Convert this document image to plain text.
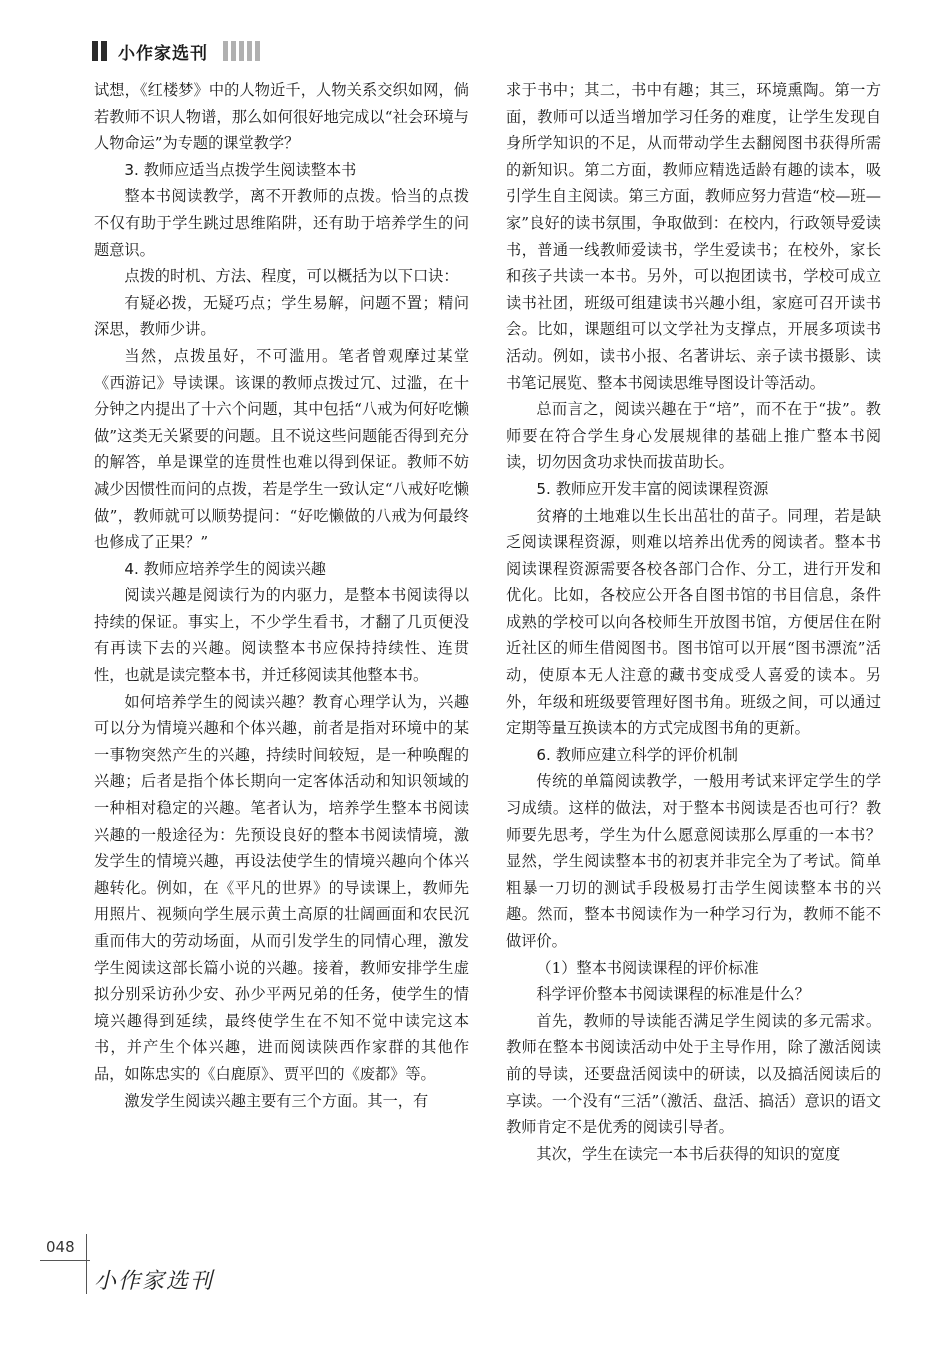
小作家选刊

试想，《红楼梦》中的人物近千，人物关系交织如网，倘若教师不识人物谱，那么如何很好地完成以“社会环境与人物命运”为专题的课堂教学？

3. 教师应适当点拨学生阅读整本书

整本书阅读教学，离不开教师的点拨。恰当的点拨不仅有助于学生跳过思维陷阱，还有助于培养学生的问题意识。

点拨的时机、方法、程度，可以概括为以下口诀：

有疑必拨，无疑巧点；学生易解，问题不置；精问深思，教师少讲。

当然，点拨虽好，不可滥用。笔者曾观摩过某堂《西游记》导读课。该课的教师点拨过冗、过滥，在十分钟之内提出了十六个问题，其中包括“八戒为何好吃懒做”这类无关紧要的问题。且不说这些问题能否得到充分的解答，单是课堂的连贯性也难以得到保证。教师不妨减少因惯性而问的点拨，若是学生一致认定“八戒好吃懒做”，教师就可以顺势提问：“好吃懒做的八戒为何最终也修成了正果？”

4. 教师应培养学生的阅读兴趣

阅读兴趣是阅读行为的内驱力，是整本书阅读得以持续的保证。事实上，不少学生看书，才翻了几页便没有再读下去的兴趣。阅读整本书应保持持续性、连贯性，也就是读完整本书，并迁移阅读其他整本书。

如何培养学生的阅读兴趣？教育心理学认为，兴趣可以分为情境兴趣和个体兴趣，前者是指对环境中的某一事物突然产生的兴趣，持续时间较短，是一种唤醒的兴趣；后者是指个体长期向一定客体活动和知识领域的一种相对稳定的兴趣。笔者认为，培养学生整本书阅读兴趣的一般途径为：先预设良好的整本书阅读情境，激发学生的情境兴趣，再设法使学生的情境兴趣向个体兴趣转化。例如，在《平凡的世界》的导读课上，教师先用照片、视频向学生展示黄土高原的壮阔画面和农民沉重而伟大的劳动场面，从而引发学生的同情心理，激发学生阅读这部长篇小说的兴趣。接着，教师安排学生虚拟分别采访孙少安、孙少平两兄弟的任务，使学生的情境兴趣得到延续，最终使学生在不知不觉中读完这本书，并产生个体兴趣，进而阅读陕西作家群的其他作品，如陈忠实的《白鹿原》、贾平凹的《废都》等。

激发学生阅读兴趣主要有三个方面。其一，有

求于书中；其二，书中有趣；其三，环境熏陶。第一方面，教师可以适当增加学习任务的难度，让学生发现自身所学知识的不足，从而带动学生去翻阅图书获得所需的新知识。第二方面，教师应精选适龄有趣的读本，吸引学生自主阅读。第三方面，教师应努力营造“校—班—家”良好的读书氛围，争取做到：在校内，行政领导爱读书，普通一线教师爱读书，学生爱读书；在校外，家长和孩子共读一本书。另外，可以抱团读书，学校可成立读书社团，班级可组建读书兴趣小组，家庭可召开读书会。比如，课题组可以文学社为支撑点，开展多项读书活动。例如，读书小报、名著讲坛、亲子读书摄影、读书笔记展览、整本书阅读思维导图设计等活动。

总而言之，阅读兴趣在于“培”，而不在于“拔”。教师要在符合学生身心发展规律的基础上推广整本书阅读，切勿因贪功求快而拔苗助长。

5. 教师应开发丰富的阅读课程资源

贫瘠的土地难以生长出茁壮的苗子。同理，若是缺乏阅读课程资源，则难以培养出优秀的阅读者。整本书阅读课程资源需要各校各部门合作、分工，进行开发和优化。比如，各校应公开各自图书馆的书目信息，条件成熟的学校可以向各校师生开放图书馆，方便居住在附近社区的师生借阅图书。图书馆可以开展“图书漂流”活动，使原本无人注意的藏书变成受人喜爱的读本。另外，年级和班级要管理好图书角。班级之间，可以通过定期等量互换读本的方式完成图书角的更新。

6. 教师应建立科学的评价机制

传统的单篇阅读教学，一般用考试来评定学生的学习成绩。这样的做法，对于整本书阅读是否也可行？教师要先思考，学生为什么愿意阅读那么厚重的一本书？显然，学生阅读整本书的初衷并非完全为了考试。简单粗暴一刀切的测试手段极易打击学生阅读整本书的兴趣。然而，整本书阅读作为一种学习行为，教师不能不做评价。

（1）整本书阅读课程的评价标准

科学评价整本书阅读课程的标准是什么？

首先，教师的导读能否满足学生阅读的多元需求。教师在整本书阅读活动中处于主导作用，除了激活阅读前的导读，还要盘活阅读中的研读，以及搞活阅读后的享读。一个没有“三活”（激活、盘活、搞活）意识的语文教师肯定不是优秀的阅读引导者。

其次，学生在读完一本书后获得的知识的宽度

048
小作家选刊
